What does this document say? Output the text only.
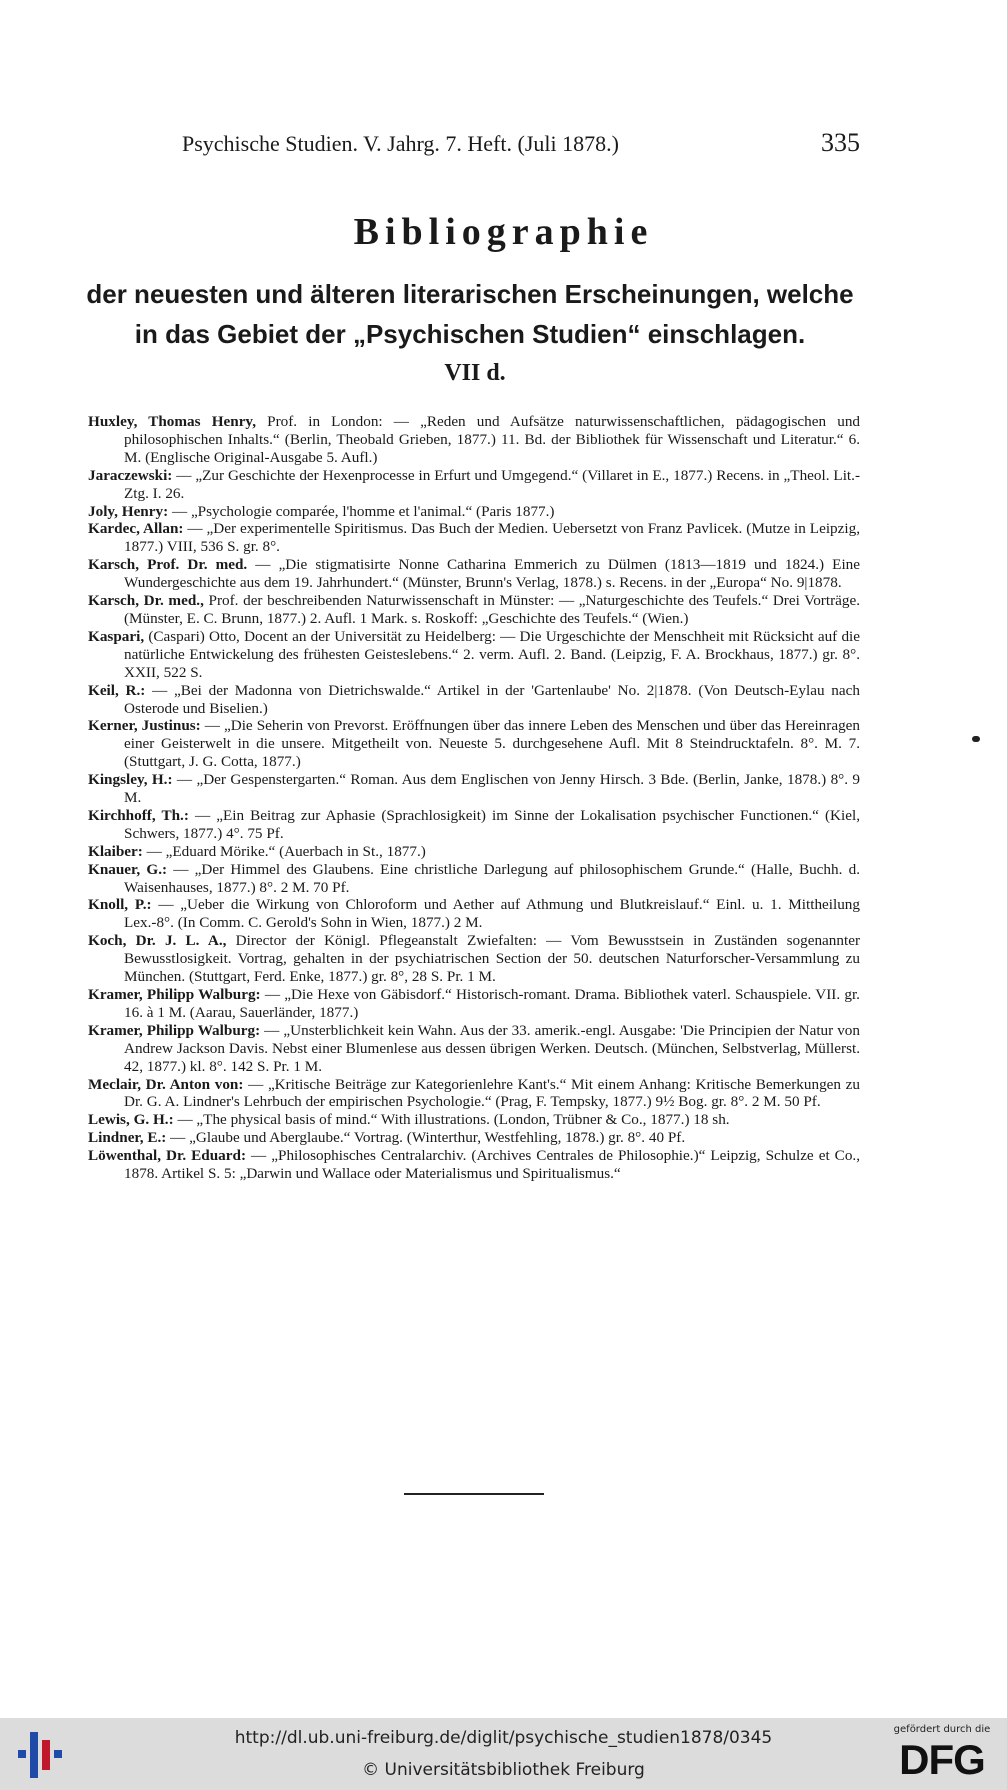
Psychische Studien. V. Jahrg. 7. Heft. (Juli 1878.)	335
Bibliographie
der neuesten und älteren literarischen Erscheinungen, welche in das Gebiet der „Psychischen Studien“ einschlagen.
VII d.

Huxley, Thomas Henry, Prof. in London: — „Reden und Aufsätze naturwissenschaftlichen, pädagogischen und philosophischen Inhalts.“ (Berlin, Theobald Grieben, 1877.) 11. Bd. der Bibliothek für Wissenschaft und Literatur.“ 6. M. (Englische Original-Ausgabe 5. Aufl.)

Jaraczewski: — „Zur Geschichte der Hexenprocesse in Erfurt und Umgegend.“ (Villaret in E., 1877.) Recens. in „Theol. Lit.-Ztg. I. 26.

Joly, Henry: — „Psychologie comparée, l'homme et l'animal.“ (Paris 1877.)

Kardec, Allan: — „Der experimentelle Spiritismus. Das Buch der Medien. Uebersetzt von Franz Pavlicek. (Mutze in Leipzig, 1877.) VIII, 536 S. gr. 8°.

Karsch, Prof. Dr. med. — „Die stigmatisirte Nonne Catharina Emmerich zu Dülmen (1813—1819 und 1824.) Eine Wundergeschichte aus dem 19. Jahrhundert.“ (Münster, Brunn's Verlag, 1878.) s. Recens. in der „Europa“ No. 9|1878.

Karsch, Dr. med., Prof. der beschreibenden Naturwissenschaft in Münster: — „Naturgeschichte des Teufels.“ Drei Vorträge. (Münster, E. C. Brunn, 1877.) 2. Aufl. 1 Mark. s. Roskoff: „Geschichte des Teufels.“ (Wien.)

Kaspari, (Caspari) Otto, Docent an der Universität zu Heidelberg: — Die Urgeschichte der Menschheit mit Rücksicht auf die natürliche Entwickelung des frühesten Geisteslebens.“ 2. verm. Aufl. 2. Band. (Leipzig, F. A. Brockhaus, 1877.) gr. 8°. XXII, 522 S.

Keil, R.: — „Bei der Madonna von Dietrichswalde.“ Artikel in der 'Gartenlaube' No. 2|1878. (Von Deutsch-Eylau nach Osterode und Biselien.)

Kerner, Justinus: — „Die Seherin von Prevorst. Eröffnungen über das innere Leben des Menschen und über das Hereinragen einer Geisterwelt in die unsere. Mitgetheilt von. Neueste 5. durchgesehene Aufl. Mit 8 Steindrucktafeln. 8°. M. 7. (Stuttgart, J. G. Cotta, 1877.)

Kingsley, H.: — „Der Gespenstergarten.“ Roman. Aus dem Englischen von Jenny Hirsch. 3 Bde. (Berlin, Janke, 1878.) 8°. 9 M.

Kirchhoff, Th.: — „Ein Beitrag zur Aphasie (Sprachlosigkeit) im Sinne der Lokalisation psychischer Functionen.“ (Kiel, Schwers, 1877.) 4°. 75 Pf.

Klaiber: — „Eduard Mörike.“ (Auerbach in St., 1877.)

Knauer, G.: — „Der Himmel des Glaubens. Eine christliche Darlegung auf philosophischem Grunde.“ (Halle, Buchh. d. Waisenhauses, 1877.) 8°. 2 M. 70 Pf.

Knoll, P.: — „Ueber die Wirkung von Chloroform und Aether auf Athmung und Blutkreislauf.“ Einl. u. 1. Mittheilung Lex.-8°. (In Comm. C. Gerold's Sohn in Wien, 1877.) 2 M.

Koch, Dr. J. L. A., Director der Königl. Pflegeanstalt Zwiefalten: — Vom Bewusstsein in Zuständen sogenannter Bewusstlosigkeit. Vortrag, gehalten in der psychiatrischen Section der 50. deutschen Naturforscher-Versammlung zu München. (Stuttgart, Ferd. Enke, 1877.) gr. 8°, 28 S. Pr. 1 M.

Kramer, Philipp Walburg: — „Die Hexe von Gäbisdorf.“ Historisch-romant. Drama. Bibliothek vaterl. Schauspiele. VII. gr. 16. à 1 M. (Aarau, Sauerländer, 1877.)

Kramer, Philipp Walburg: — „Unsterblichkeit kein Wahn. Aus der 33. amerik.-engl. Ausgabe: 'Die Principien der Natur von Andrew Jackson Davis. Nebst einer Blumenlese aus dessen übrigen Werken. Deutsch. (München, Selbstverlag, Müllerst. 42, 1877.) kl. 8°. 142 S. Pr. 1 M.

Meclair, Dr. Anton von: — „Kritische Beiträge zur Kategorienlehre Kant's.“ Mit einem Anhang: Kritische Bemerkungen zu Dr. G. A. Lindner's Lehrbuch der empirischen Psychologie.“ (Prag, F. Tempsky, 1877.) 9½ Bog. gr. 8°. 2 M. 50 Pf.

Lewis, G. H.: — „The physical basis of mind.“ With illustrations. (London, Trübner & Co., 1877.) 18 sh.

Lindner, E.: — „Glaube und Aberglaube.“ Vortrag. (Winterthur, Westfehling, 1878.) gr. 8°. 40 Pf.

Löwenthal, Dr. Eduard: — „Philosophisches Centralarchiv. (Archives Centrales de Philosophie.)“ Leipzig, Schulze et Co., 1878. Artikel S. 5: „Darwin und Wallace oder Materialismus und Spiritualismus.“

http://dl.ub.uni-freiburg.de/diglit/psychische_studien1878/0345
© Universitätsbibliothek Freiburg
gefördert durch die
DFG
